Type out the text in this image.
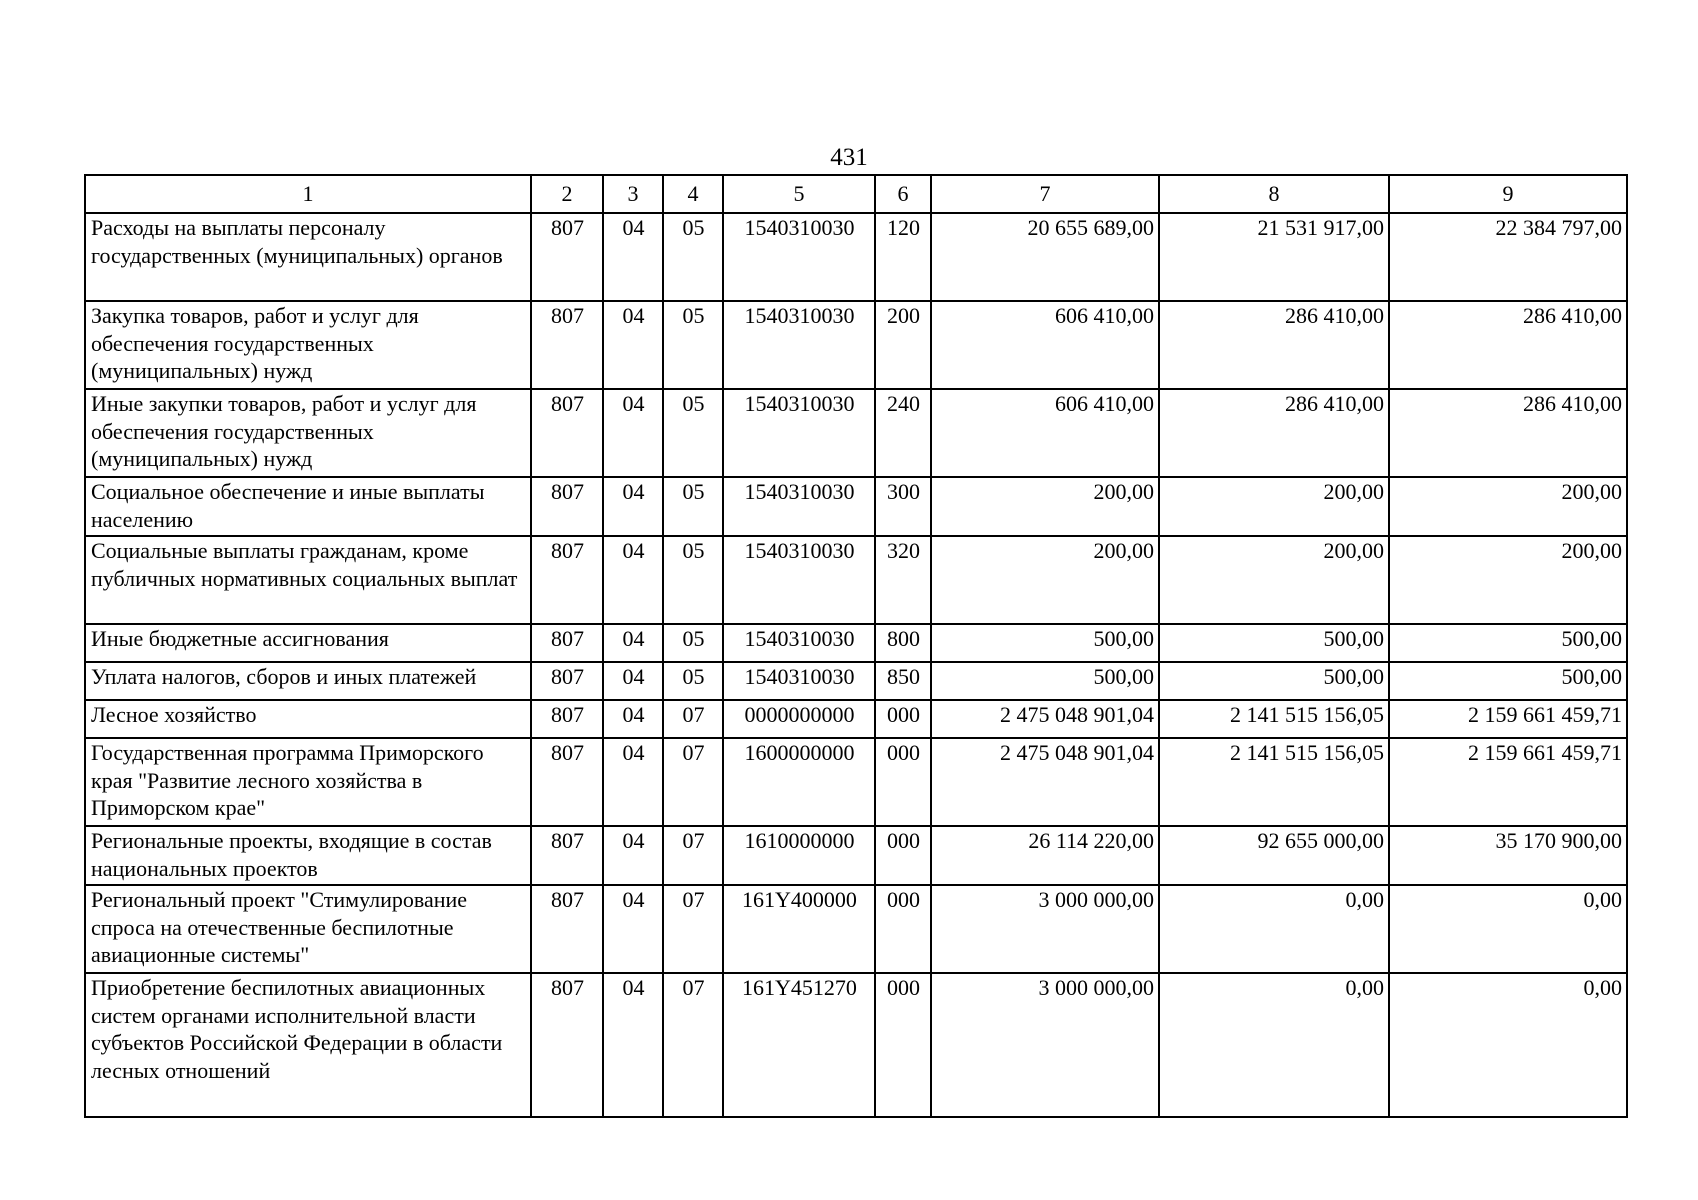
431
1	2	3	4	5	6	7	8	9
Расходы на выплаты персоналу государственных (муниципальных) органов	807	04	05	1540310030	120	20 655 689,00	21 531 917,00	22 384 797,00
Закупка товаров, работ и услуг для обеспечения государственных (муниципальных) нужд	807	04	05	1540310030	200	606 410,00	286 410,00	286 410,00
Иные закупки товаров, работ и услуг для обеспечения государственных (муниципальных) нужд	807	04	05	1540310030	240	606 410,00	286 410,00	286 410,00
Социальное обеспечение и иные выплаты населению	807	04	05	1540310030	300	200,00	200,00	200,00
Социальные выплаты гражданам, кроме публичных нормативных социальных выплат	807	04	05	1540310030	320	200,00	200,00	200,00
Иные бюджетные ассигнования	807	04	05	1540310030	800	500,00	500,00	500,00
Уплата налогов, сборов и иных платежей	807	04	05	1540310030	850	500,00	500,00	500,00
Лесное хозяйство	807	04	07	0000000000	000	2 475 048 901,04	2 141 515 156,05	2 159 661 459,71
Государственная программа Приморского края "Развитие лесного хозяйства в Приморском крае"	807	04	07	1600000000	000	2 475 048 901,04	2 141 515 156,05	2 159 661 459,71
Региональные проекты, входящие в состав национальных проектов	807	04	07	1610000000	000	26 114 220,00	92 655 000,00	35 170 900,00
Региональный проект "Стимулирование спроса на отечественные беспилотные авиационные системы"	807	04	07	161Y400000	000	3 000 000,00	0,00	0,00
Приобретение беспилотных авиационных систем органами исполнительной власти субъектов Российской Федерации в области лесных отношений	807	04	07	161Y451270	000	3 000 000,00	0,00	0,00
